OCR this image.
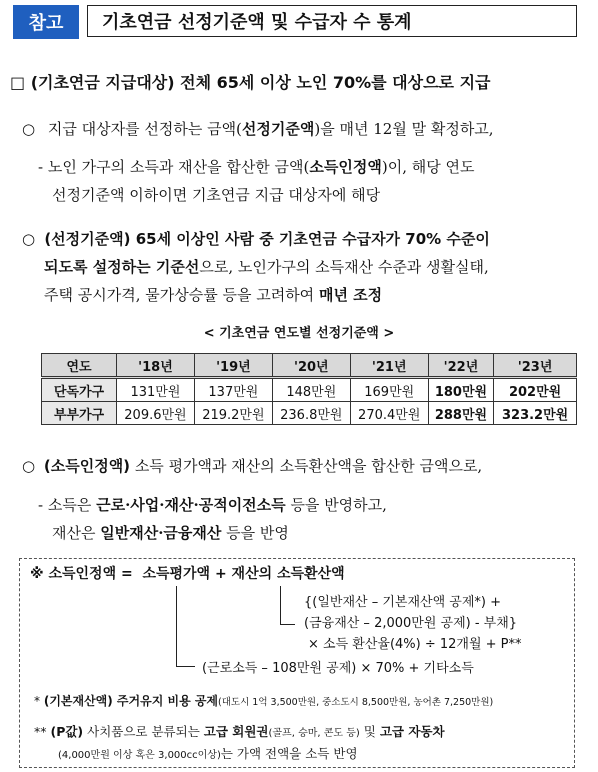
참고	기초연금 선정기준액 및 수급자 수 통계
□ (기초연금 지급대상) 전체 65세 이상 노인 70%를 대상으로 지급
○ 지급 대상자를 선정하는 금액(선정기준액)을 매년 12월 말 확정하고,
- 노인 가구의 소득과 재산을 합산한 금액(소득인정액)이, 해당 연도
선정기준액 이하이면 기초연금 지급 대상자에 해당
○ (선정기준액) 65세 이상인 사람 중 기초연금 수급자가 70% 수준이
되도록 설정하는 기준선으로, 노인가구의 소득재산 수준과 생활실태,
주택 공시가격, 물가상승률 등을 고려하여 매년 조정
< 기초연금 연도별 선정기준액 >
연도	'18년	'19년	'20년	'21년	'22년	'23년
단독가구	131만원	137만원	148만원	169만원	180만원	202만원
부부가구	209.6만원	219.2만원	236.8만원	270.4만원	288만원	323.2만원
○ (소득인정액) 소득 평가액과 재산의 소득환산액을 합산한 금액으로,
- 소득은 근로·사업·재산·공적이전소득 등을 반영하고,
재산은 일반재산·금융재산 등을 반영
※ 소득인정액 =  소득평가액 + 재산의 소득환산액
{(일반재산 – 기본재산액 공제*) +
(금융재산 – 2,000만원 공제) - 부채}
× 소득 환산율(4%) ÷ 12개월 + P**
(근로소득 – 108만원 공제) × 70% + 기타소득
* (기본재산액) 주거유지 비용 공제(대도시 1억 3,500만원, 중소도시 8,500만원, 농어촌 7,250만원)
** (P값) 사치품으로 분류되는 고급 회원권(골프, 승마, 콘도 등) 및 고급 자동차
(4,000만원 이상 혹은 3,000cc이상)는 가액 전액을 소득 반영
